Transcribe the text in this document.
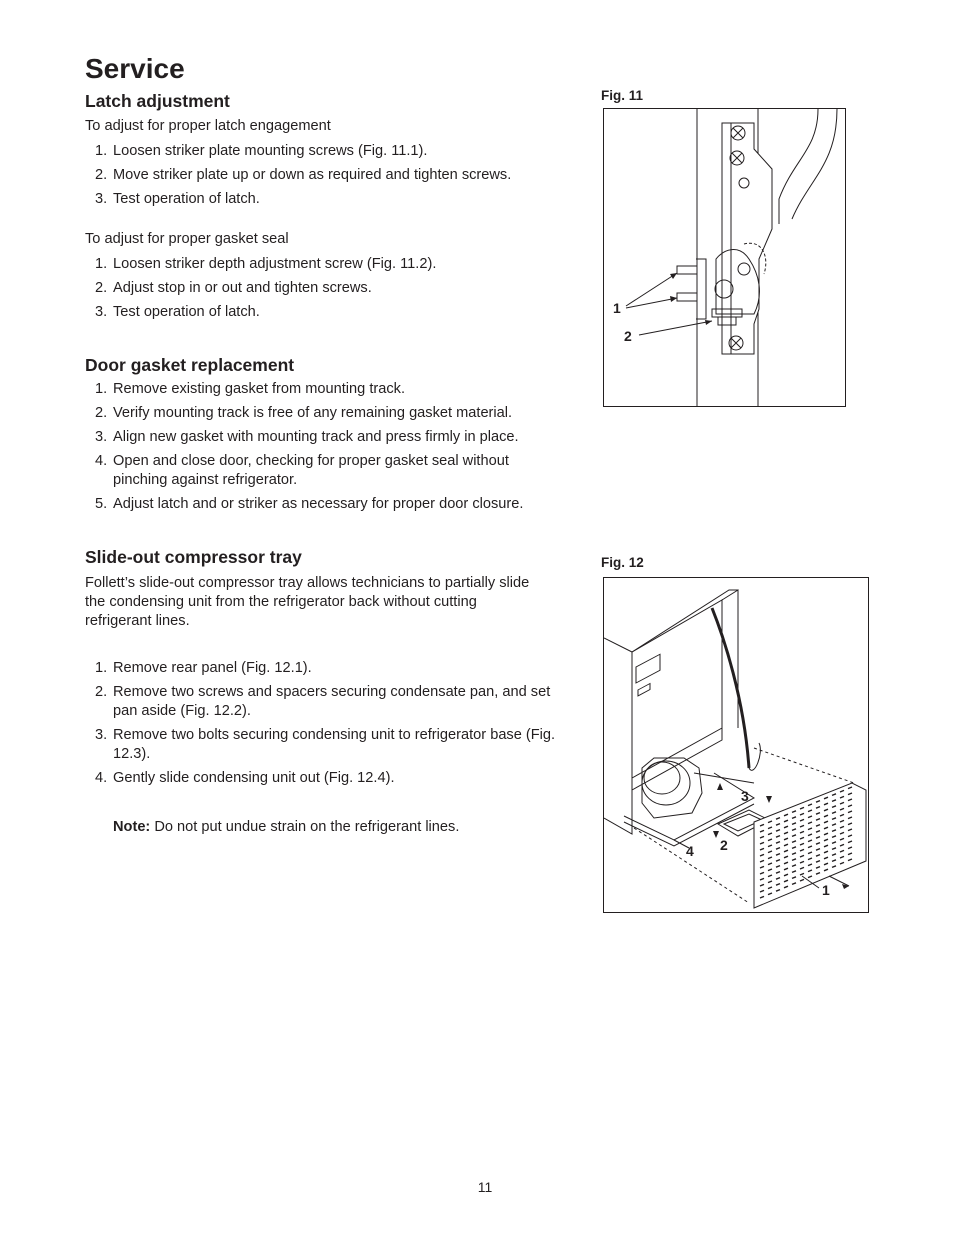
Service
Latch adjustment

To adjust for proper latch engagement

1. Loosen striker plate mounting screws (Fig. 11.1).
2. Move striker plate up or down as required and tighten screws.
3. Test operation of latch.

To adjust for proper gasket seal

1. Loosen striker depth adjustment screw (Fig. 11.2).
2. Adjust stop in or out and tighten screws.
3. Test operation of latch.
Door gasket replacement
1. Remove existing gasket from mounting track.
2. Verify mounting track is free of any remaining gasket material.
3. Align new gasket with mounting track and press firmly in place.
4. Open and close door, checking for proper gasket seal without pinching against refrigerator.
5. Adjust latch and or striker as necessary for proper door closure.
Slide-out compressor tray

Follett’s slide-out compressor tray allows technicians to partially slide the condensing unit from the refrigerator back without cutting refrigerant lines.

1. Remove rear panel (Fig. 12.1).
2. Remove two screws and spacers securing condensate pan, and set pan aside (Fig. 12.2).
3. Remove two bolts securing condensing unit to refrigerator base (Fig. 12.3).
4. Gently slide condensing unit out (Fig. 12.4).

Note: Do not put undue strain on the refrigerant lines.

Fig. 11

1
2

Fig. 12

3
2
4
1
11
